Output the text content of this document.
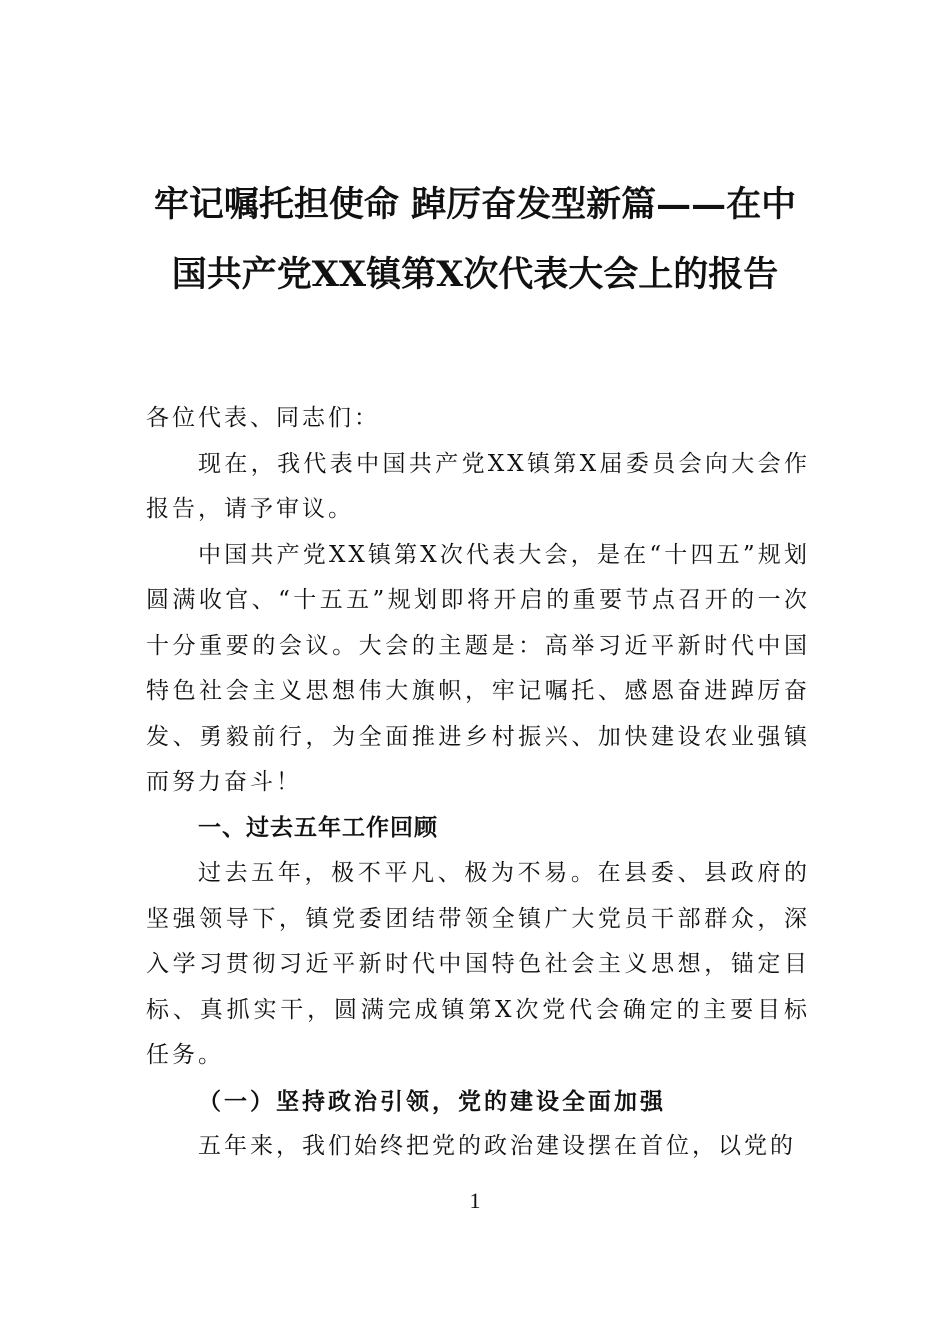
牢记嘱托担使命 踔厉奋发型新篇——在中
国共产党XX镇第X次代表大会上的报告

各位代表、同志们：

现在，我代表中国共产党XX镇第X届委员会向大会作报告，请予审议。

中国共产党XX镇第X次代表大会，是在“十四五”规划圆满收官、“十五五”规划即将开启的重要节点召开的一次十分重要的会议。大会的主题是：高举习近平新时代中国特色社会主义思想伟大旗帜，牢记嘱托、感恩奋进踔厉奋发、勇毅前行，为全面推进乡村振兴、加快建设农业强镇而努力奋斗！

一、过去五年工作回顾

过去五年，极不平凡、极为不易。在县委、县政府的坚强领导下，镇党委团结带领全镇广大党员干部群众，深入学习贯彻习近平新时代中国特色社会主义思想，锚定目标、真抓实干，圆满完成镇第X次党代会确定的主要目标任务。

（一）坚持政治引领，党的建设全面加强

五年来，我们始终把党的政治建设摆在首位，以党的

1
